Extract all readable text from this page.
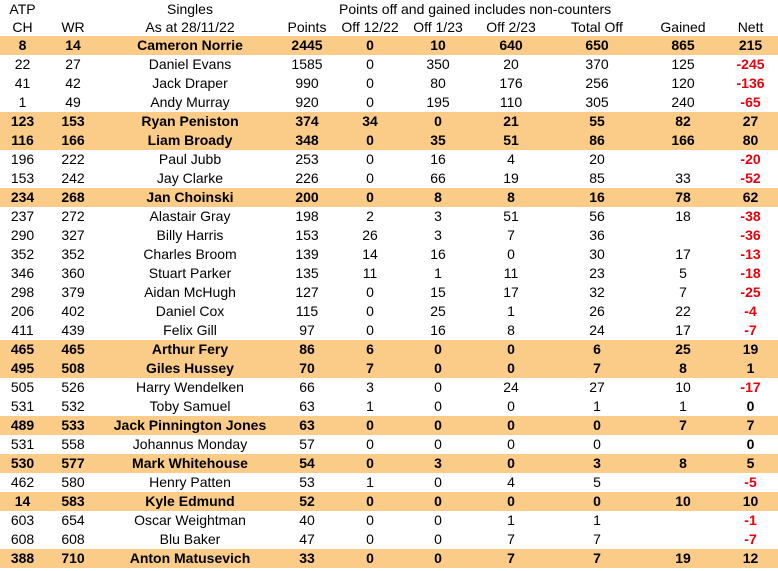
ATP		Singles		Points off and gained includes non-counters					
CH	WR	As at 28/11/22	Points	Off 12/22	Off 1/23	Off 2/23	Total Off	Gained	Nett
8	14	Cameron Norrie	2445	0	10	640	650	865	215
22	27	Daniel Evans	1585	0	350	20	370	125	-245
41	42	Jack Draper	990	0	80	176	256	120	-136
1	49	Andy Murray	920	0	195	110	305	240	-65
123	153	Ryan Peniston	374	34	0	21	55	82	27
116	166	Liam Broady	348	0	35	51	86	166	80
196	222	Paul Jubb	253	0	16	4	20		-20
153	242	Jay Clarke	226	0	66	19	85	33	-52
234	268	Jan Choinski	200	0	8	8	16	78	62
237	272	Alastair Gray	198	2	3	51	56	18	-38
290	327	Billy Harris	153	26	3	7	36		-36
352	352	Charles Broom	139	14	16	0	30	17	-13
346	360	Stuart Parker	135	11	1	11	23	5	-18
298	379	Aidan McHugh	127	0	15	17	32	7	-25
206	402	Daniel Cox	115	0	25	1	26	22	-4
411	439	Felix Gill	97	0	16	8	24	17	-7
465	465	Arthur Fery	86	6	0	0	6	25	19
495	508	Giles Hussey	70	7	0	0	7	8	1
505	526	Harry Wendelken	66	3	0	24	27	10	-17
531	532	Toby Samuel	63	1	0	0	1	1	0
489	533	Jack Pinnington Jones	63	0	0	0	0	7	7
531	558	Johannus Monday	57	0	0	0	0		0
530	577	Mark Whitehouse	54	0	3	0	3	8	5
462	580	Henry Patten	53	1	0	4	5		-5
14	583	Kyle Edmund	52	0	0	0	0	10	10
603	654	Oscar Weightman	40	0	0	1	1		-1
608	608	Blu Baker	47	0	0	7	7		-7
388	710	Anton Matusevich	33	0	0	7	7	19	12
